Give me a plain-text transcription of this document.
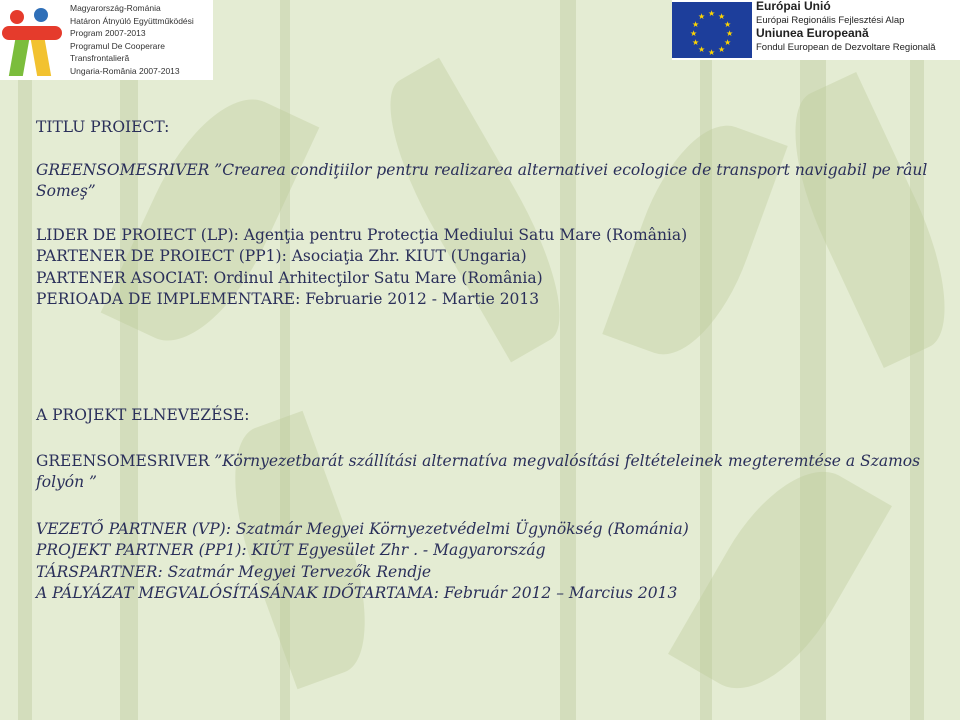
Magyarország-Románia
Határon Átnyúló Együttműködési
Program 2007-2013
Programul De Cooperare
Transfrontalieră
Ungaria-România 2007-2013
★ ★
★
★
★
★
★
★
★
★
★
★
Európai Unió
Európai Regionális Fejlesztési Alap
Uniunea Europeană
Fondul European de Dezvoltare Regională

TITLU PROIECT:

GREENSOMESRIVER ”Crearea condiţiilor pentru realizarea alternativei ecologice de transport navigabil pe râul Someş”

LIDER DE PROIECT (LP): Agenţia pentru Protecţia Mediului Satu Mare (România)

PARTENER DE PROIECT (PP1): Asociaţia Zhr. KIUT (Ungaria)

PARTENER ASOCIAT: Ordinul Arhitecţilor Satu Mare (România)

PERIOADA DE IMPLEMENTARE: Februarie 2012 - Martie 2013

A PROJEKT ELNEVEZÉSE:

GREENSOMESRIVER ”Környezetbarát szállítási alternatíva megvalósítási feltételeinek megteremtése a Szamos folyón ”

VEZETŐ PARTNER (VP): Szatmár Megyei Környezetvédelmi Ügynökség (Románia)

PROJEKT PARTNER (PP1): KIÚT Egyesület Zhr . - Magyarország

TÁRSPARTNER: Szatmár Megyei Tervezők Rendje

A PÁLYÁZAT MEGVALÓSÍTÁSÁNAK IDŐTARTAMA: Február 2012 – Marcius 2013
